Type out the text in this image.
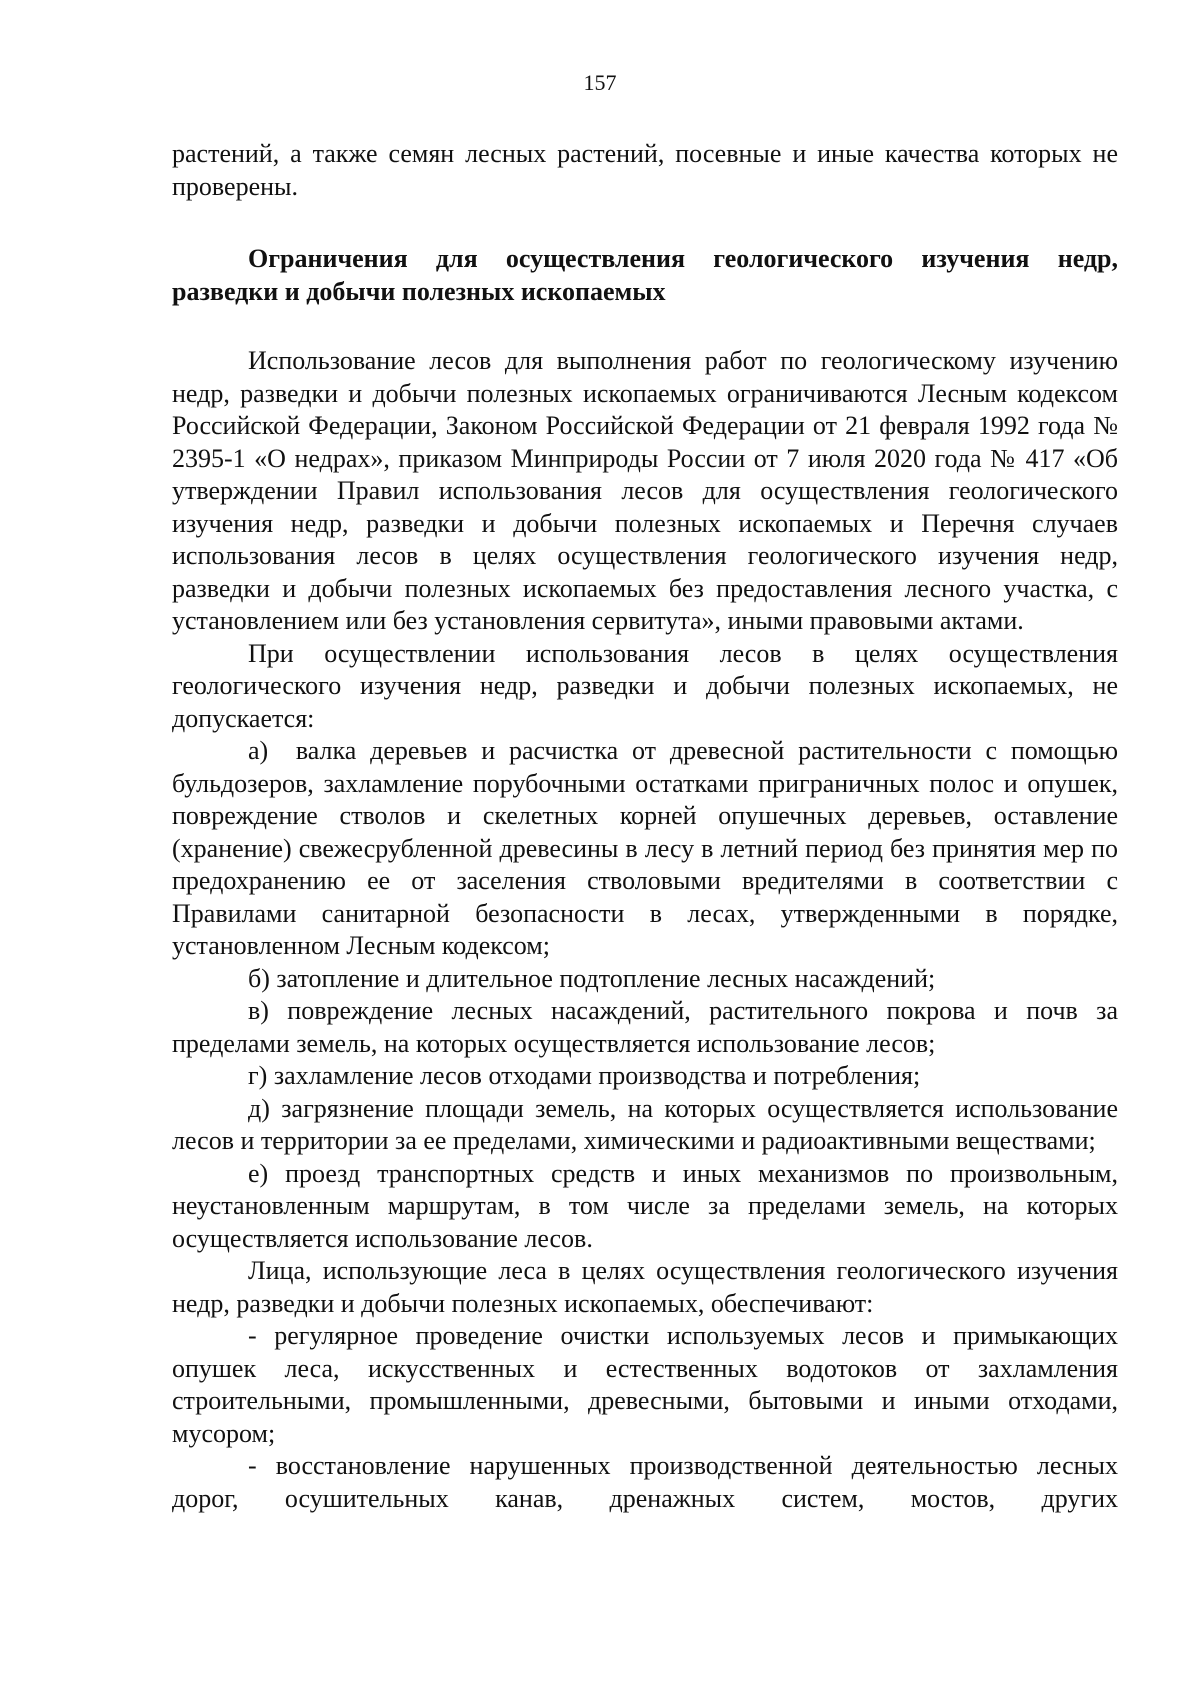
157

растений, а также семян лесных растений, посевные и иные качества которых не проверены.

Ограничения для осуществления геологического изучения недр, разведки и добычи полезных ископаемых

Использование лесов для выполнения работ по геологическому изучению недр, разведки и добычи полезных ископаемых ограничиваются Лесным кодексом Российской Федерации, Законом Российской Федерации от 21 февраля 1992 года № 2395-1 «О недрах», приказом Минприроды России от 7 июля 2020 года № 417 «Об утверждении Правил использования лесов для осуществления геологического изучения недр, разведки и добычи полезных ископаемых и Перечня случаев использования лесов в целях осуществления геологического изучения недр, разведки и добычи полезных ископаемых без предоставления лесного участка, с установлением или без установления сервитута», иными правовыми актами.

При осуществлении использования лесов в целях осуществления геологического изучения недр, разведки и добычи полезных ископаемых, не допускается:

а)  валка деревьев и расчистка от древесной растительности с помощью бульдозеров, захламление порубочными остатками приграничных полос и опушек, повреждение стволов и скелетных корней опушечных деревьев, оставление (хранение) свежесрубленной древесины в лесу в летний период без принятия мер по предохранению ее от заселения стволовыми вредителями в соответствии с Правилами санитарной безопасности в лесах, утвержденными в порядке, установленном Лесным кодексом;

б) затопление и длительное подтопление лесных насаждений;

в) повреждение лесных насаждений, растительного покрова и почв за пределами земель, на которых осуществляется использование лесов;

г) захламление лесов отходами производства и потребления;

д) загрязнение площади земель, на которых осуществляется использование лесов и территории за ее пределами, химическими и радиоактивными веществами;

е) проезд транспортных средств и иных механизмов по произвольным, неустановленным маршрутам, в том числе за пределами земель, на которых осуществляется использование лесов.

Лица, использующие леса в целях осуществления геологического изучения недр, разведки и добычи полезных ископаемых, обеспечивают:

- регулярное проведение очистки используемых лесов и примыкающих опушек леса, искусственных и естественных водотоков от захламления строительными, промышленными, древесными, бытовыми и иными отходами, мусором;

- восстановление нарушенных производственной деятельностью лесных дорог, осушительных канав, дренажных систем, мостов, других
